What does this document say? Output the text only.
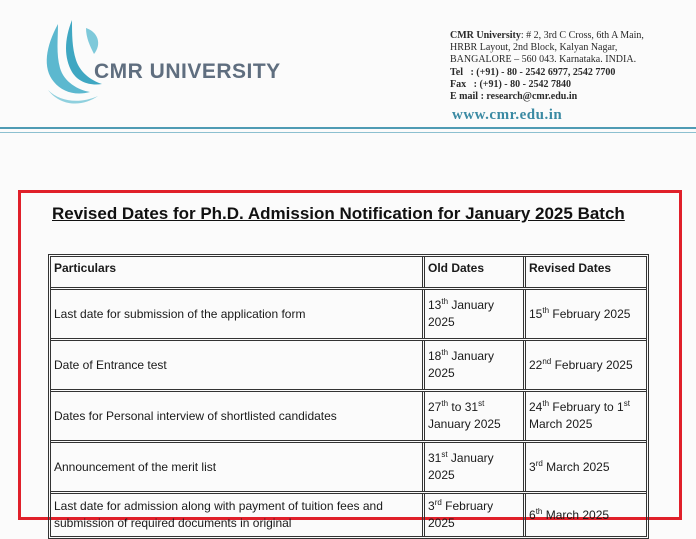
CMR UNIVERSITY
CMR University: # 2, 3rd C Cross, 6th A Main,
HRBR Layout, 2nd Block, Kalyan Nagar,
BANGALORE – 560 043. Karnataka. INDIA.
Tel : (+91) - 80 - 2542 6977, 2542 7700
Fax : (+91) - 80 - 2542 7840
E mail : research@cmr.edu.in
www.cmr.edu.in
Revised Dates for Ph.D. Admission Notification for January 2025 Batch
Particulars	Old Dates	Revised Dates
Last date for submission of the application form
13th January 2025
15th February 2025
Date of Entrance test
18th January 2025
22nd February 2025
Dates for Personal interview of shortlisted candidates
27th to 31st January 2025
24th February to 1st March 2025
Announcement of the merit list
31st January 2025
3rd March 2025
Last date for admission along with payment of tuition fees and submission of required documents in original
3rd February 2025
6th March 2025
